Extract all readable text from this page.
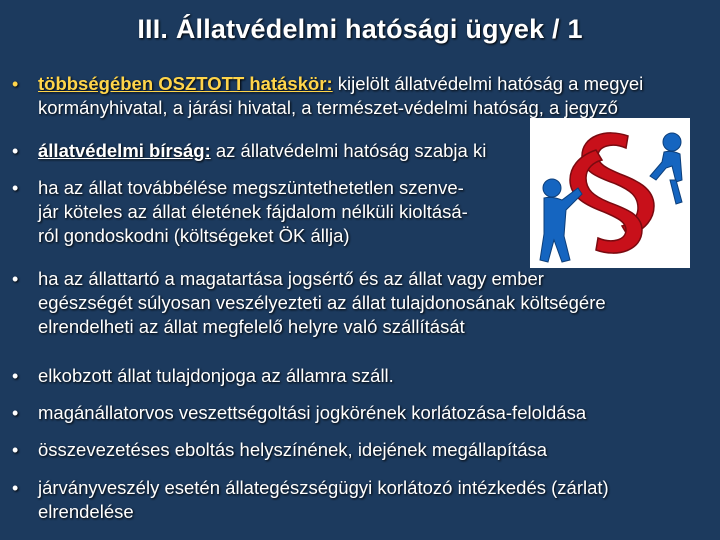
III. Állatvédelmi hatósági ügyek / 1
• többségében OSZTOTT hatáskör: kijelölt állatvédelmi hatóság a megyei
kormányhivatal, a járási hivatal, a természet-védelmi hatóság, a jegyző
• állatvédelmi bírság: az állatvédelmi hatóság szabja ki
• ha az állat továbbélése megszüntethetetlen szenve-
jár köteles az állat életének fájdalom nélküli kioltásá-
ról gondoskodni (költségeket ÖK állja)
• ha az állattartó a magatartása jogsértő és az állat vagy ember
egészségét súlyosan veszélyezteti az állat tulajdonosának költségére
elrendelheti az állat megfelelő helyre való szállítását
• elkobzott állat tulajdonjoga az államra száll.
• magánállatorvos veszettségoltási jogkörének korlátozása-feloldása
• összevezetéses eboltás helyszínének, idejének megállapítása
• járványveszély esetén állategészségügyi korlátozó intézkedés (zárlat)
elrendelése
